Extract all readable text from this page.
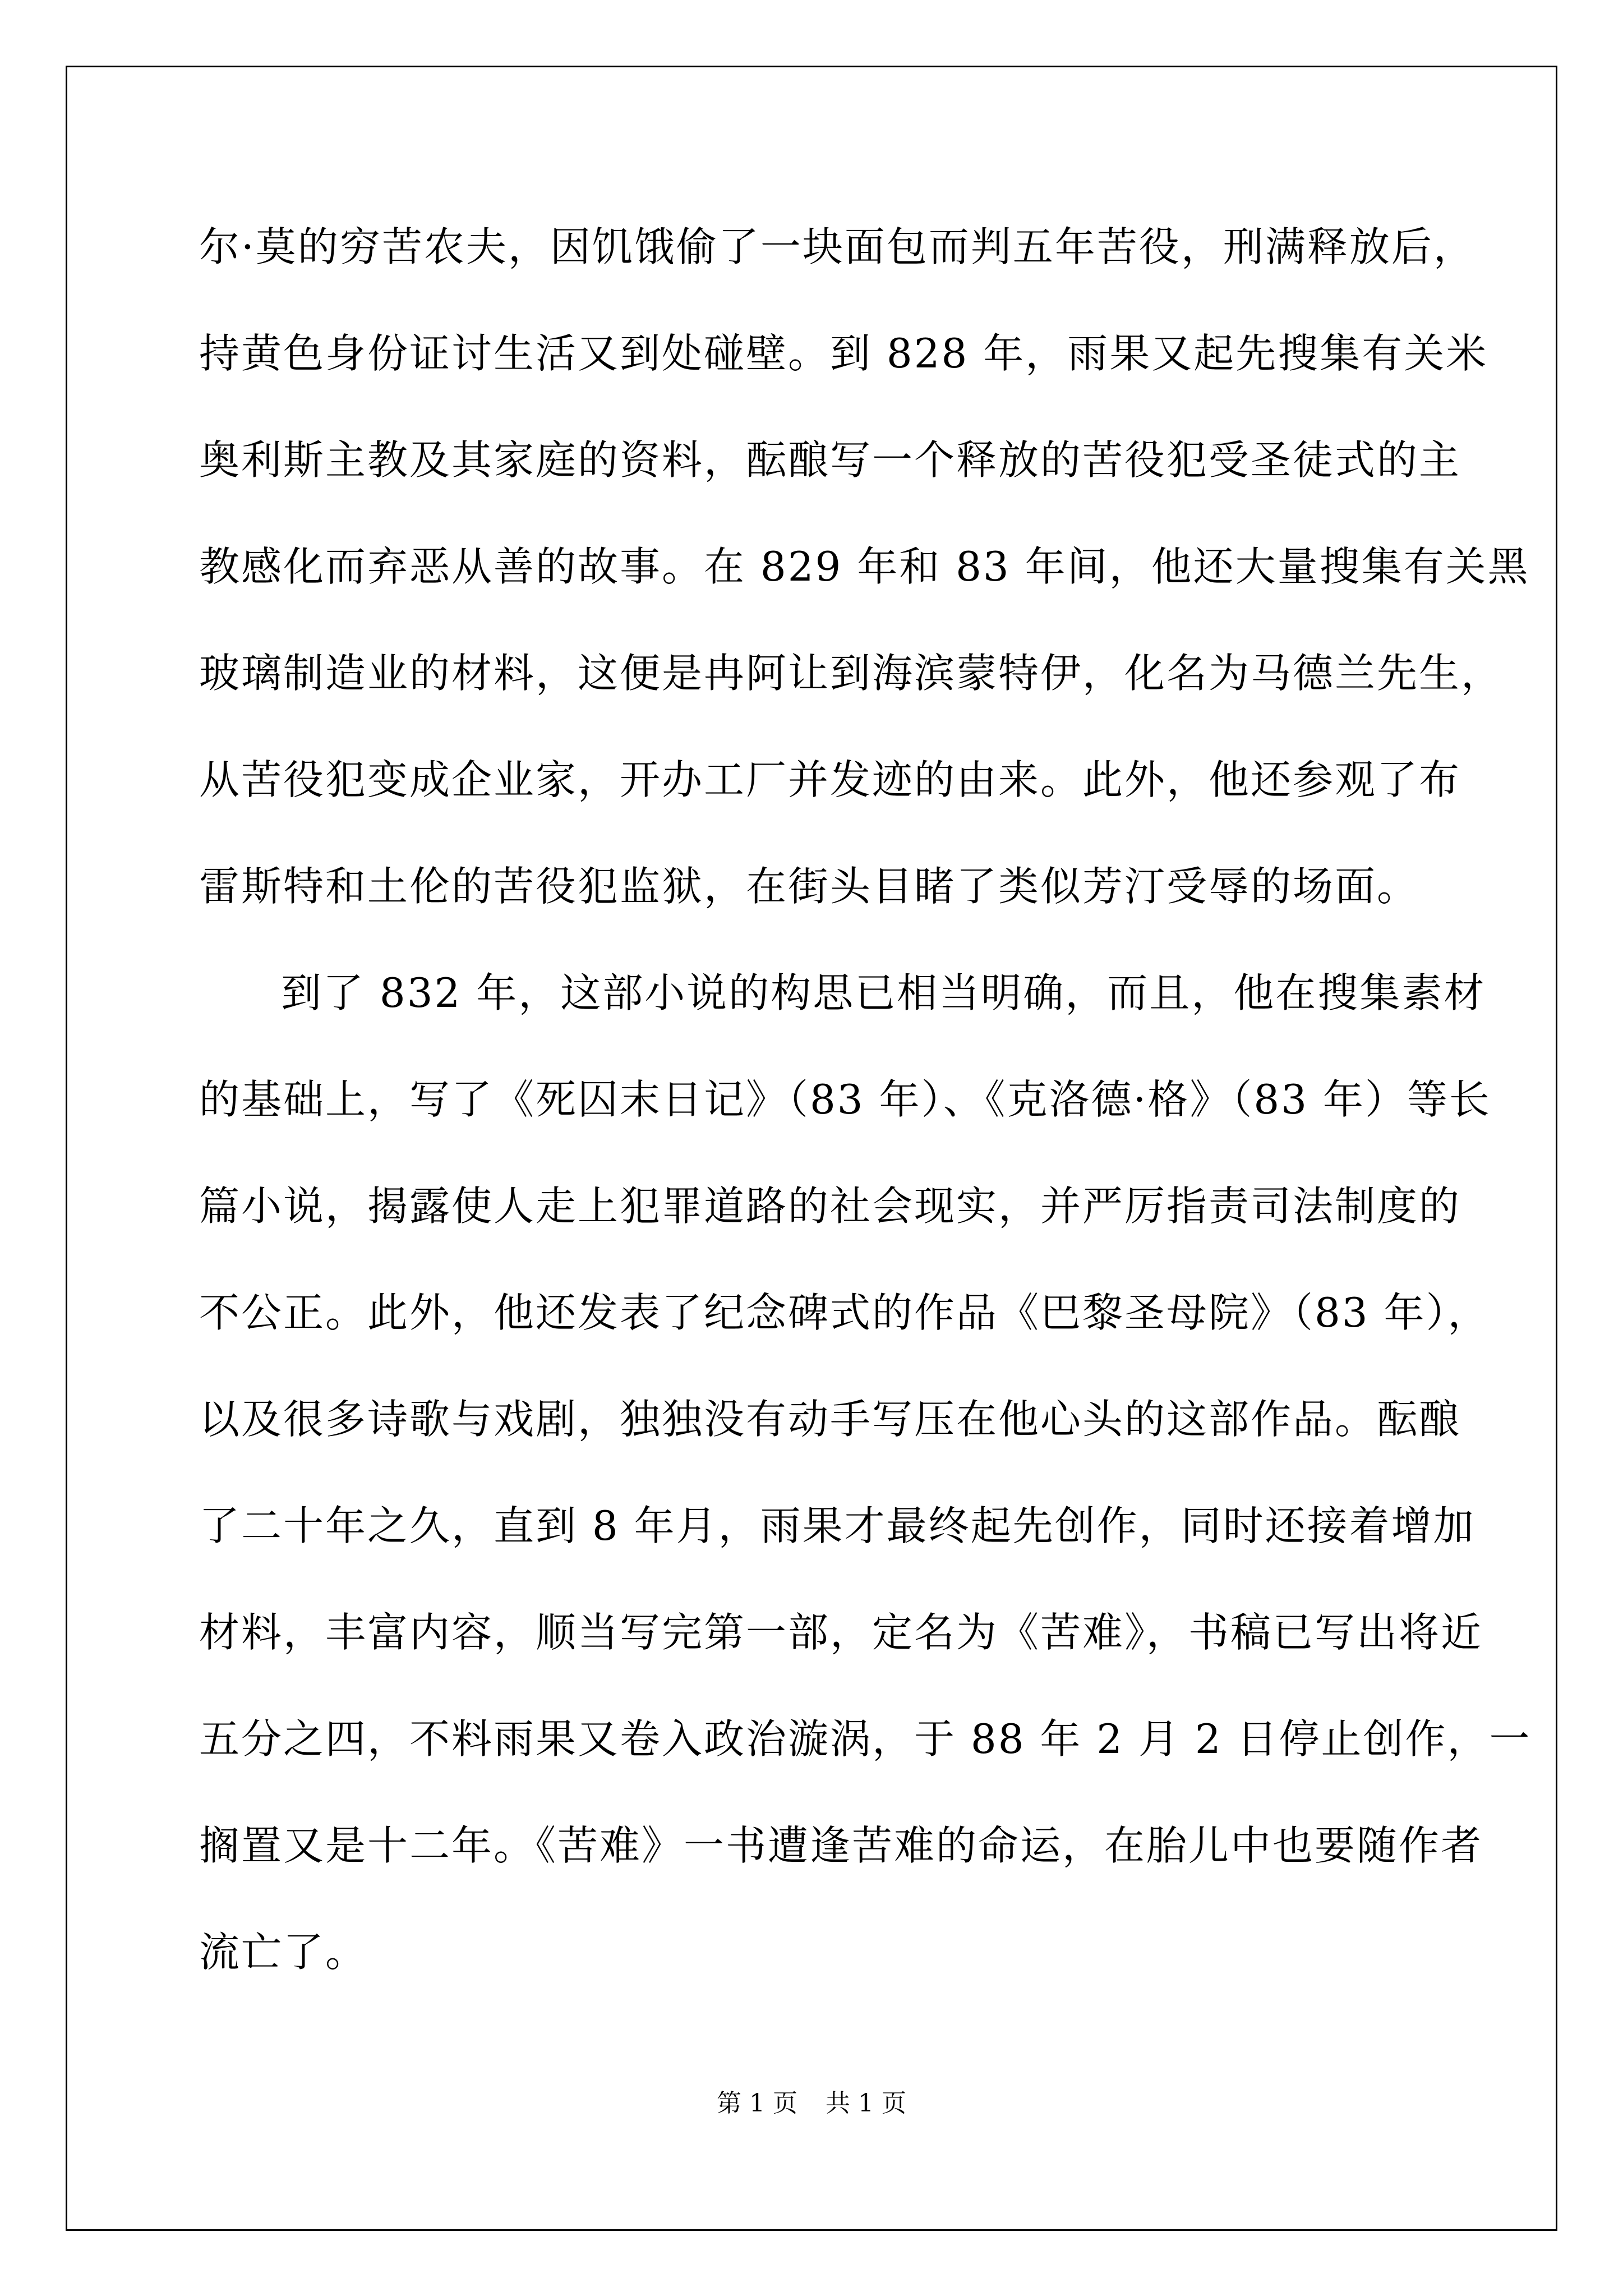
尔·莫的穷苦农夫，因饥饿偷了一块面包而判五年苦役，刑满释放后，
持黄色身份证讨生活又到处碰壁。到 828 年，雨果又起先搜集有关米
奥利斯主教及其家庭的资料，酝酿写一个释放的苦役犯受圣徒式的主
教感化而弃恶从善的故事。在 829 年和 83 年间，他还大量搜集有关黑
玻璃制造业的材料，这便是冉阿让到海滨蒙特伊，化名为马德兰先生，
从苦役犯变成企业家，开办工厂并发迹的由来。此外，他还参观了布
雷斯特和土伦的苦役犯监狱，在街头目睹了类似芳汀受辱的场面。
到了 832 年，这部小说的构思已相当明确，而且，他在搜集素材
的基础上，写了《死囚末日记》（83 年）、《克洛德·格》（83 年）等长
篇小说，揭露使人走上犯罪道路的社会现实，并严厉指责司法制度的
不公正。此外，他还发表了纪念碑式的作品《巴黎圣母院》（83 年），
以及很多诗歌与戏剧，独独没有动手写压在他心头的这部作品。酝酿
了二十年之久，直到 8 年月，雨果才最终起先创作，同时还接着增加
材料，丰富内容，顺当写完第一部，定名为《苦难》，书稿已写出将近
五分之四，不料雨果又卷入政治漩涡，于 88 年 2 月 2 日停止创作，一
搁置又是十二年。《苦难》一书遭逢苦难的命运，在胎儿中也要随作者
流亡了。
第 1 页 共 1 页
